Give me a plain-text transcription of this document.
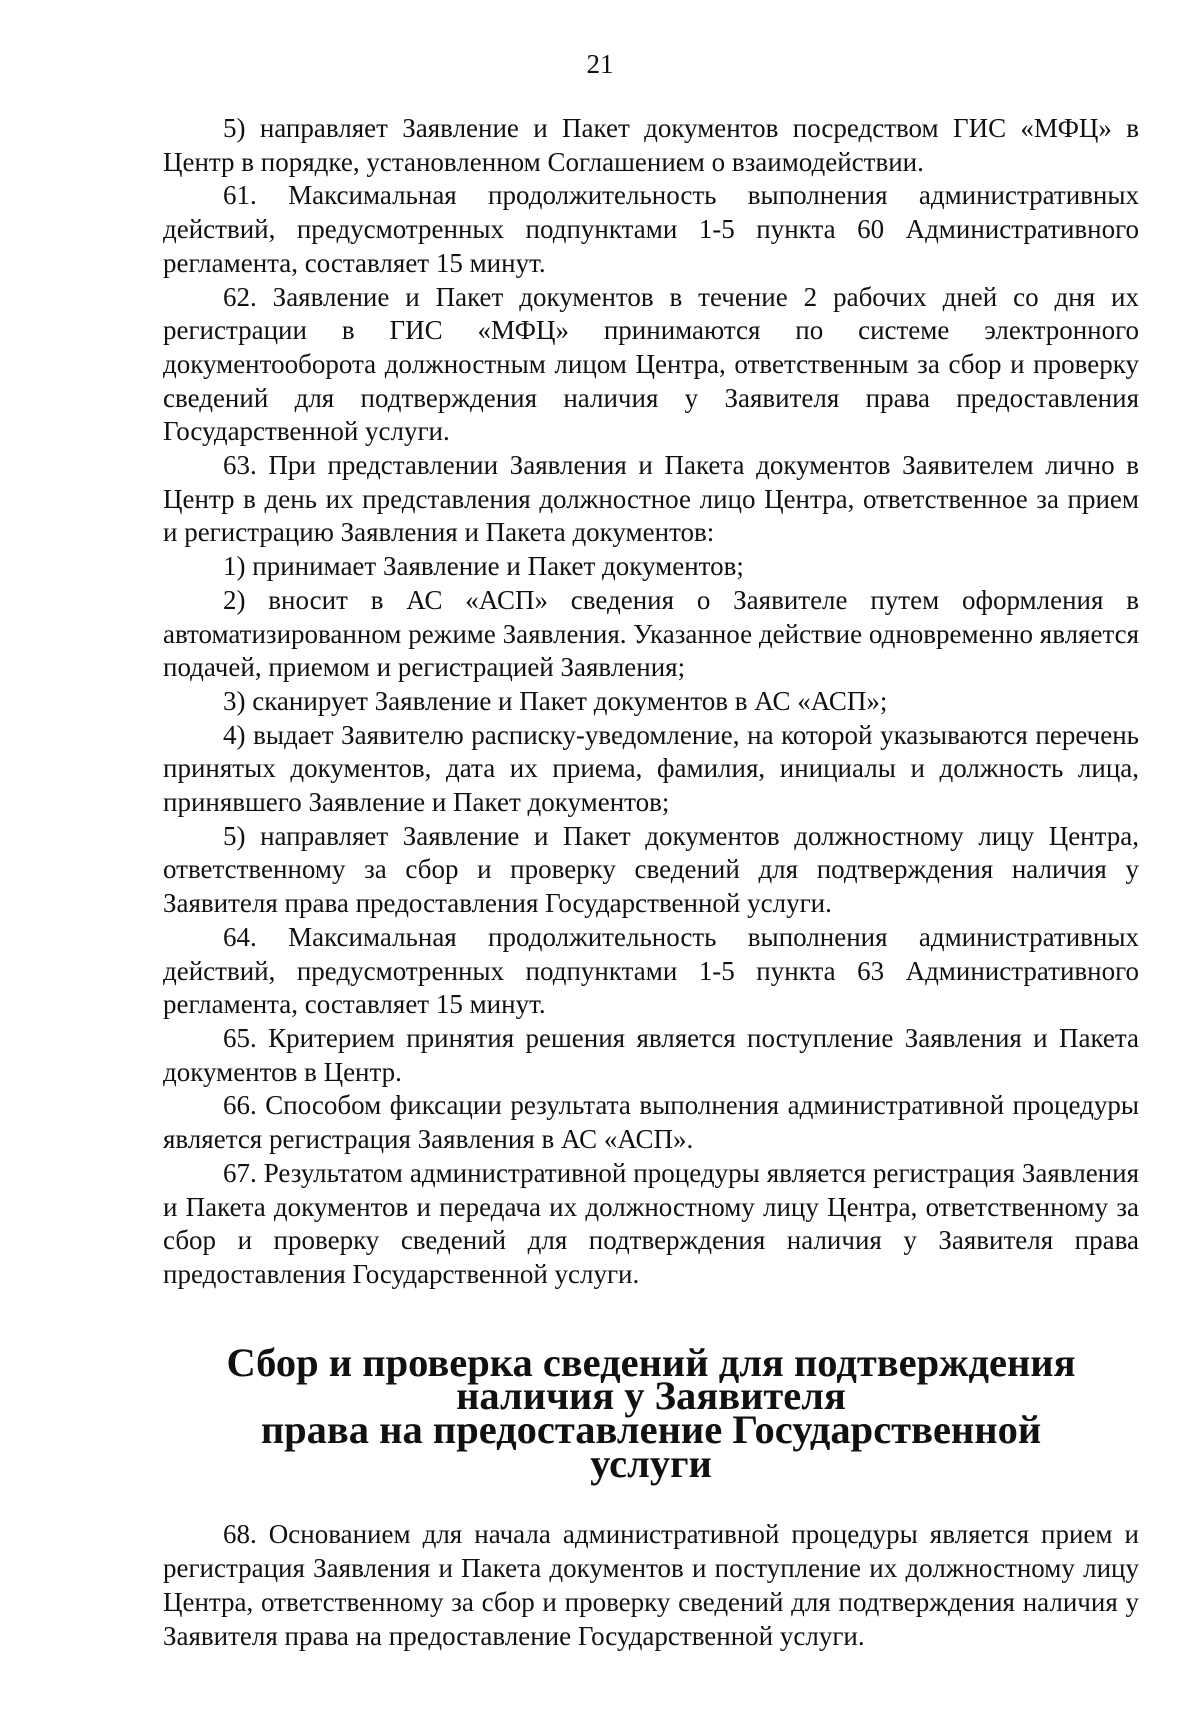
21

5) направляет Заявление и Пакет документов посредством ГИС «МФЦ» в Центр в порядке, установленном Соглашением о взаимодействии.

61. Максимальная продолжительность выполнения административных действий, предусмотренных подпунктами 1-5 пункта 60 Административного регламента, составляет 15 минут.

62. Заявление и Пакет документов в течение 2 рабочих дней со дня их регистрации в ГИС «МФЦ» принимаются по системе электронного документооборота должностным лицом Центра, ответственным за сбор и проверку сведений для подтверждения наличия у Заявителя права предоставления Государственной услуги.

63. При представлении Заявления и Пакета документов Заявителем лично в Центр в день их представления должностное лицо Центра, ответственное за прием и регистрацию Заявления и Пакета документов:

1) принимает Заявление и Пакет документов;

2) вносит в АС «АСП» сведения о Заявителе путем оформления в автоматизированном режиме Заявления. Указанное действие одновременно является подачей, приемом и регистрацией Заявления;

3) сканирует Заявление и Пакет документов в АС «АСП»;

4) выдает Заявителю расписку-уведомление, на которой указываются перечень принятых документов, дата их приема, фамилия, инициалы и должность лица, принявшего Заявление и Пакет документов;

5) направляет Заявление и Пакет документов должностному лицу Центра, ответственному за сбор и проверку сведений для подтверждения наличия у Заявителя права предоставления Государственной услуги.

64. Максимальная продолжительность выполнения административных действий, предусмотренных подпунктами 1-5 пункта 63 Административного регламента, составляет 15 минут.

65. Критерием принятия решения является поступление Заявления и Пакета документов в Центр.

66. Способом фиксации результата выполнения административной процедуры является регистрация Заявления в АС «АСП».

67. Результатом административной процедуры является регистрация Заявления и Пакета документов и передача их должностному лицу Центра, ответственному за сбор и проверку сведений для подтверждения наличия у Заявителя права предоставления Государственной услуги.

Сбор и проверка сведений для подтверждения наличия у Заявителя
права на предоставление Государственной услуги

68. Основанием для начала административной процедуры является прием и регистрация Заявления и Пакета документов и поступление их должностному лицу Центра, ответственному за сбор и проверку сведений для подтверждения наличия у Заявителя права на предоставление Государственной услуги.
